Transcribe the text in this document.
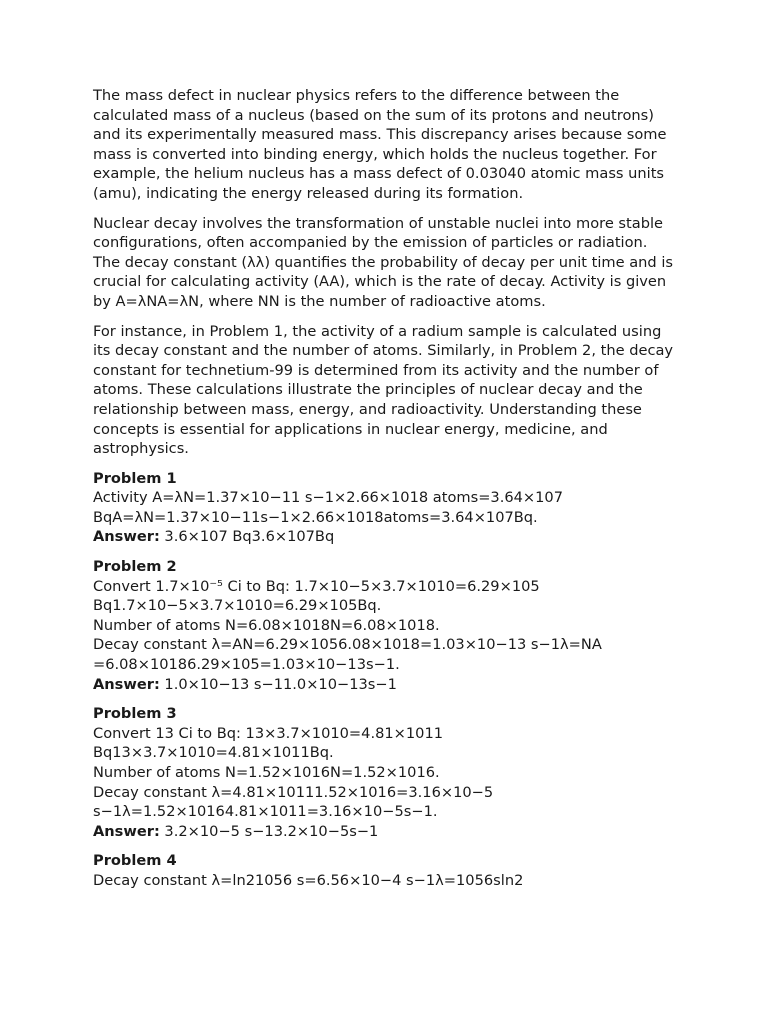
The mass defect in nuclear physics refers to the difference between the calculated mass of a nucleus (based on the sum of its protons and neutrons) and its experimentally measured mass. This discrepancy arises because some mass is converted into binding energy, which holds the nucleus together. For example, the helium nucleus has a mass defect of 0.03040 atomic mass units (amu), indicating the energy released during its formation.

Nuclear decay involves the transformation of unstable nuclei into more stable configurations, often accompanied by the emission of particles or radiation. The decay constant (λλ) quantifies the probability of decay per unit time and is crucial for calculating activity (AA), which is the rate of decay. Activity is given by A=λNA=λN, where NN is the number of radioactive atoms.

For instance, in Problem 1, the activity of a radium sample is calculated using its decay constant and the number of atoms. Similarly, in Problem 2, the decay constant for technetium-99 is determined from its activity and the number of atoms. These calculations illustrate the principles of nuclear decay and the relationship between mass, energy, and radioactivity. Understanding these concepts is essential for applications in nuclear energy, medicine, and astrophysics.

Problem 1
Activity A=λN=1.37×10−11 s−1×2.66×1018 atoms=3.64×107
BqA=λN=1.37×10−11s−1×2.66×1018atoms=3.64×107Bq.
Answer: 3.6×107 Bq3.6×107Bq
Problem 2
Convert 1.7×10⁻⁵ Ci to Bq: 1.7×10−5×3.7×1010=6.29×105
Bq1.7×10−5×3.7×1010=6.29×105Bq.
Number of atoms N=6.08×1018N=6.08×1018.
Decay constant λ=AN=6.29×1056.08×1018=1.03×10−13 s−1λ=NA
=6.08×10186.29×105=1.03×10−13s−1.
Answer: 1.0×10−13 s−11.0×10−13s−1
Problem 3
Convert 13 Ci to Bq: 13×3.7×1010=4.81×1011
Bq13×3.7×1010=4.81×1011Bq.
Number of atoms N=1.52×1016N=1.52×1016.
Decay constant λ=4.81×10111.52×1016=3.16×10−5
s−1λ=1.52×10164.81×1011=3.16×10−5s−1.
Answer: 3.2×10−5 s−13.2×10−5s−1
Problem 4
Decay constant λ=ln21056 s=6.56×10−4 s−1λ=1056sln2
